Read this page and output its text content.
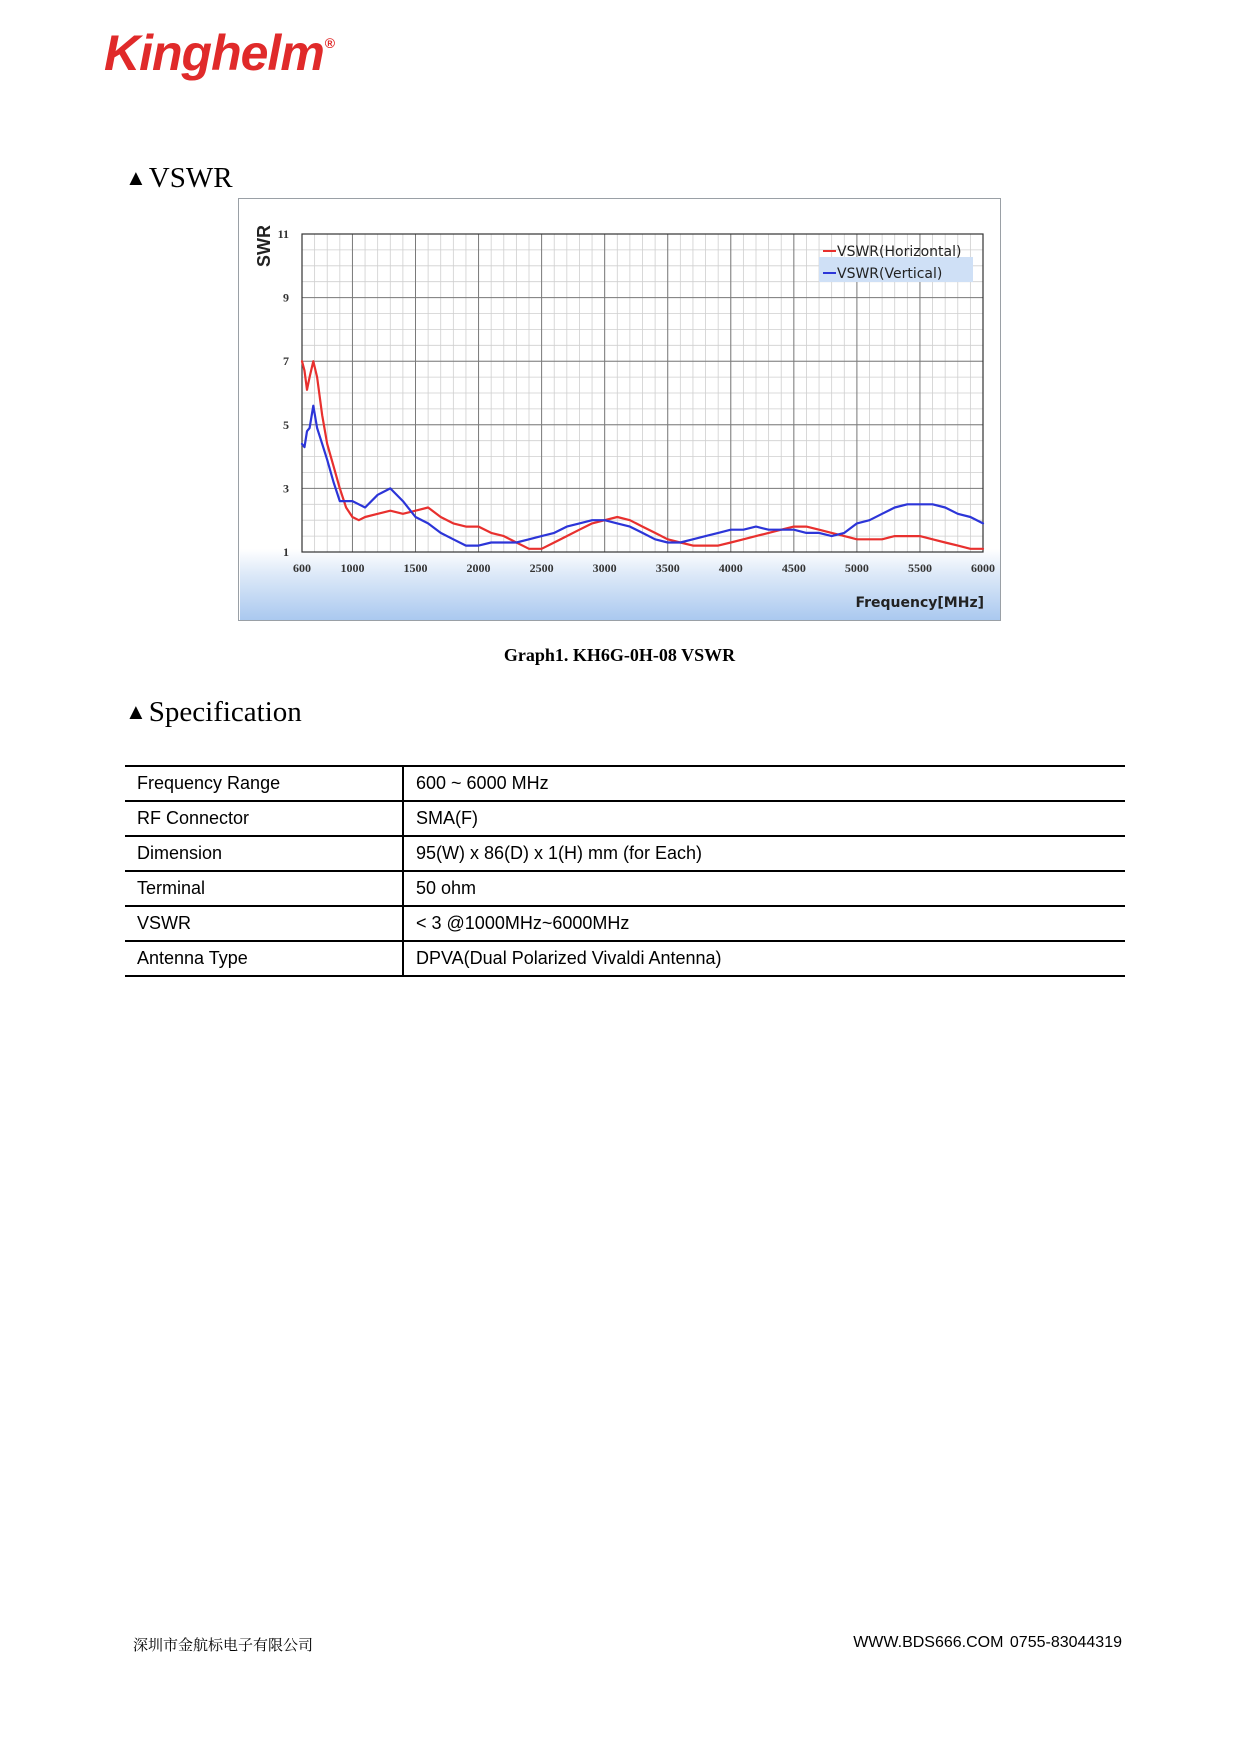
Kinghelm®
▲VSWR
600 1000	1500	2000	2500	3000	3500	4000	4500	5000	5500	6000
1
3
5
7
9
11
SWR
Frequency[MHz]
VSWR(Horizontal)
VSWR(Vertical)
Graph1. KH6G-0H-08 VSWR
▲Specification
Frequency Range	600 ~ 6000 MHz
RF Connector	SMA(F)
Dimension	95(W) x 86(D) x 1(H) mm (for Each)
Terminal	50 ohm
VSWR	< 3 @1000MHz~6000MHz
Antenna Type	DPVA(Dual Polarized Vivaldi Antenna)
深圳市金航标电子有限公司	WWW.BDS666.COM 0755-83044319
